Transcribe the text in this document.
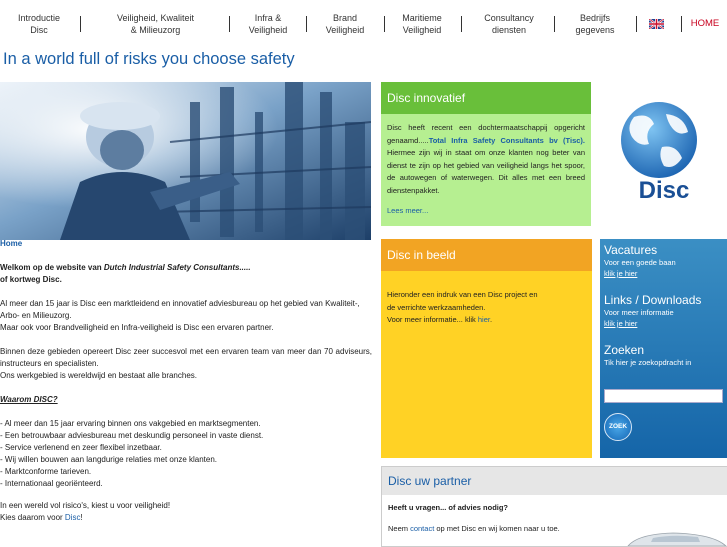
Introductie
Disc
Veiligheid, Kwaliteit
& Milieuzorg
Infra &
Veiligheid
Brand
Veiligheid
Maritieme
Veiligheid
Consultancy
diensten
Bedrijfs
gegevens
HOME
In a world full of risks you choose safety
Home

Welkom op de website van Dutch Industrial Safety Consultants.....
of kortweg Disc.

Al meer dan 15 jaar is Disc een marktleidend en innovatief adviesbureau op het gebied van Kwaliteit-, Arbo- en Milieuzorg.
Maar ook voor Brandveiligheid en Infra-veiligheid is Disc een ervaren partner.

Binnen deze gebieden opereert Disc zeer succesvol met een ervaren team van meer dan 70 adviseurs, instructeurs en specialisten.
Ons werkgebied is wereldwijd en bestaat alle branches.

Waarom DISC?

- Al meer dan 15 jaar ervaring binnen ons vakgebied en marktsegmenten.
- Een betrouwbaar adviesbureau met deskundig personeel in vaste dienst.
- Service verlenend en zeer flexibel inzetbaar.
- Wij willen bouwen aan langdurige relaties met onze klanten.
- Marktconforme tarieven.
- Internationaal georiënteerd.

In een wereld vol risico's, kiest u voor veiligheid!
Kies daarom voor Disc!

Disc innovatief
Disc heeft recent een dochtermaatschappij opgericht genaamd.....Total Infra Safety Consultants bv (Tisc). Hiermee zijn wij in staat om onze klanten nog beter van dienst te zijn op het gebied van veiligheid langs het spoor, de autowegen of waterwegen. Dit alles met een breed dienstenpakket.
Lees meer...
Disc
Disc in beeld
Hieronder een indruk van een Disc project en
de verrichte werkzaamheden.
Voor meer informatie... klik hier.
Vacatures
Voor een goede baan
klik je hier
Links / Downloads
Voor meer informatie
klik je hier
Zoeken
Tik hier je zoekopdracht in
ZOEK
Disc uw partner
Heeft u vragen... of advies nodig?
Neem contact op met Disc en wij komen naar u toe.
